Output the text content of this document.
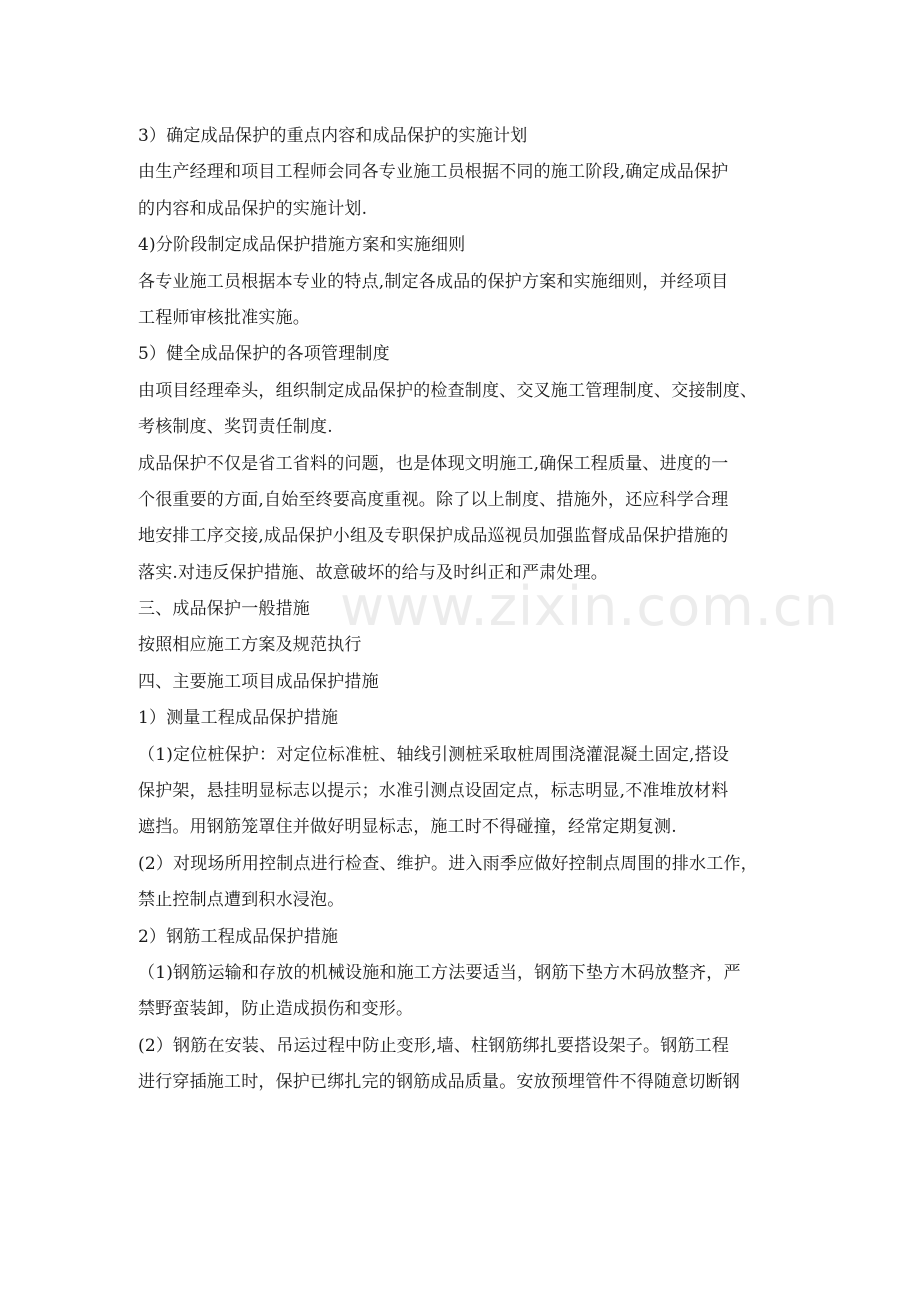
3）确定成品保护的重点内容和成品保护的实施计划
由生产经理和项目工程师会同各专业施工员根据不同的施工阶段,确定成品保护
的内容和成品保护的实施计划.
4)分阶段制定成品保护措施方案和实施细则
各专业施工员根据本专业的特点,制定各成品的保护方案和实施细则，并经项目
工程师审核批准实施。
5）健全成品保护的各项管理制度
由项目经理牵头，组织制定成品保护的检查制度、交叉施工管理制度、交接制度、
考核制度、奖罚责任制度.
成品保护不仅是省工省料的问题，也是体现文明施工,确保工程质量、进度的一
个很重要的方面,自始至终要高度重视。除了以上制度、措施外，还应科学合理
地安排工序交接,成品保护小组及专职保护成品巡视员加强监督成品保护措施的
落实.对违反保护措施、故意破坏的给与及时纠正和严肃处理。
三、成品保护一般措施
按照相应施工方案及规范执行
四、主要施工项目成品保护措施
1）测量工程成品保护措施
（1)定位桩保护：对定位标准桩、轴线引测桩采取桩周围浇灌混凝土固定,搭设
保护架，悬挂明显标志以提示；水准引测点设固定点，标志明显,不准堆放材料
遮挡。用钢筋笼罩住并做好明显标志，施工时不得碰撞，经常定期复测.
(2）对现场所用控制点进行检查、维护。进入雨季应做好控制点周围的排水工作，
禁止控制点遭到积水浸泡。
2）钢筋工程成品保护措施
（1)钢筋运输和存放的机械设施和施工方法要适当，钢筋下垫方木码放整齐，严
禁野蛮装卸，防止造成损伤和变形。
(2）钢筋在安装、吊运过程中防止变形,墙、柱钢筋绑扎要搭设架子。钢筋工程
进行穿插施工时，保护已绑扎完的钢筋成品质量。安放预埋管件不得随意切断钢
www.zixin.com.cn
